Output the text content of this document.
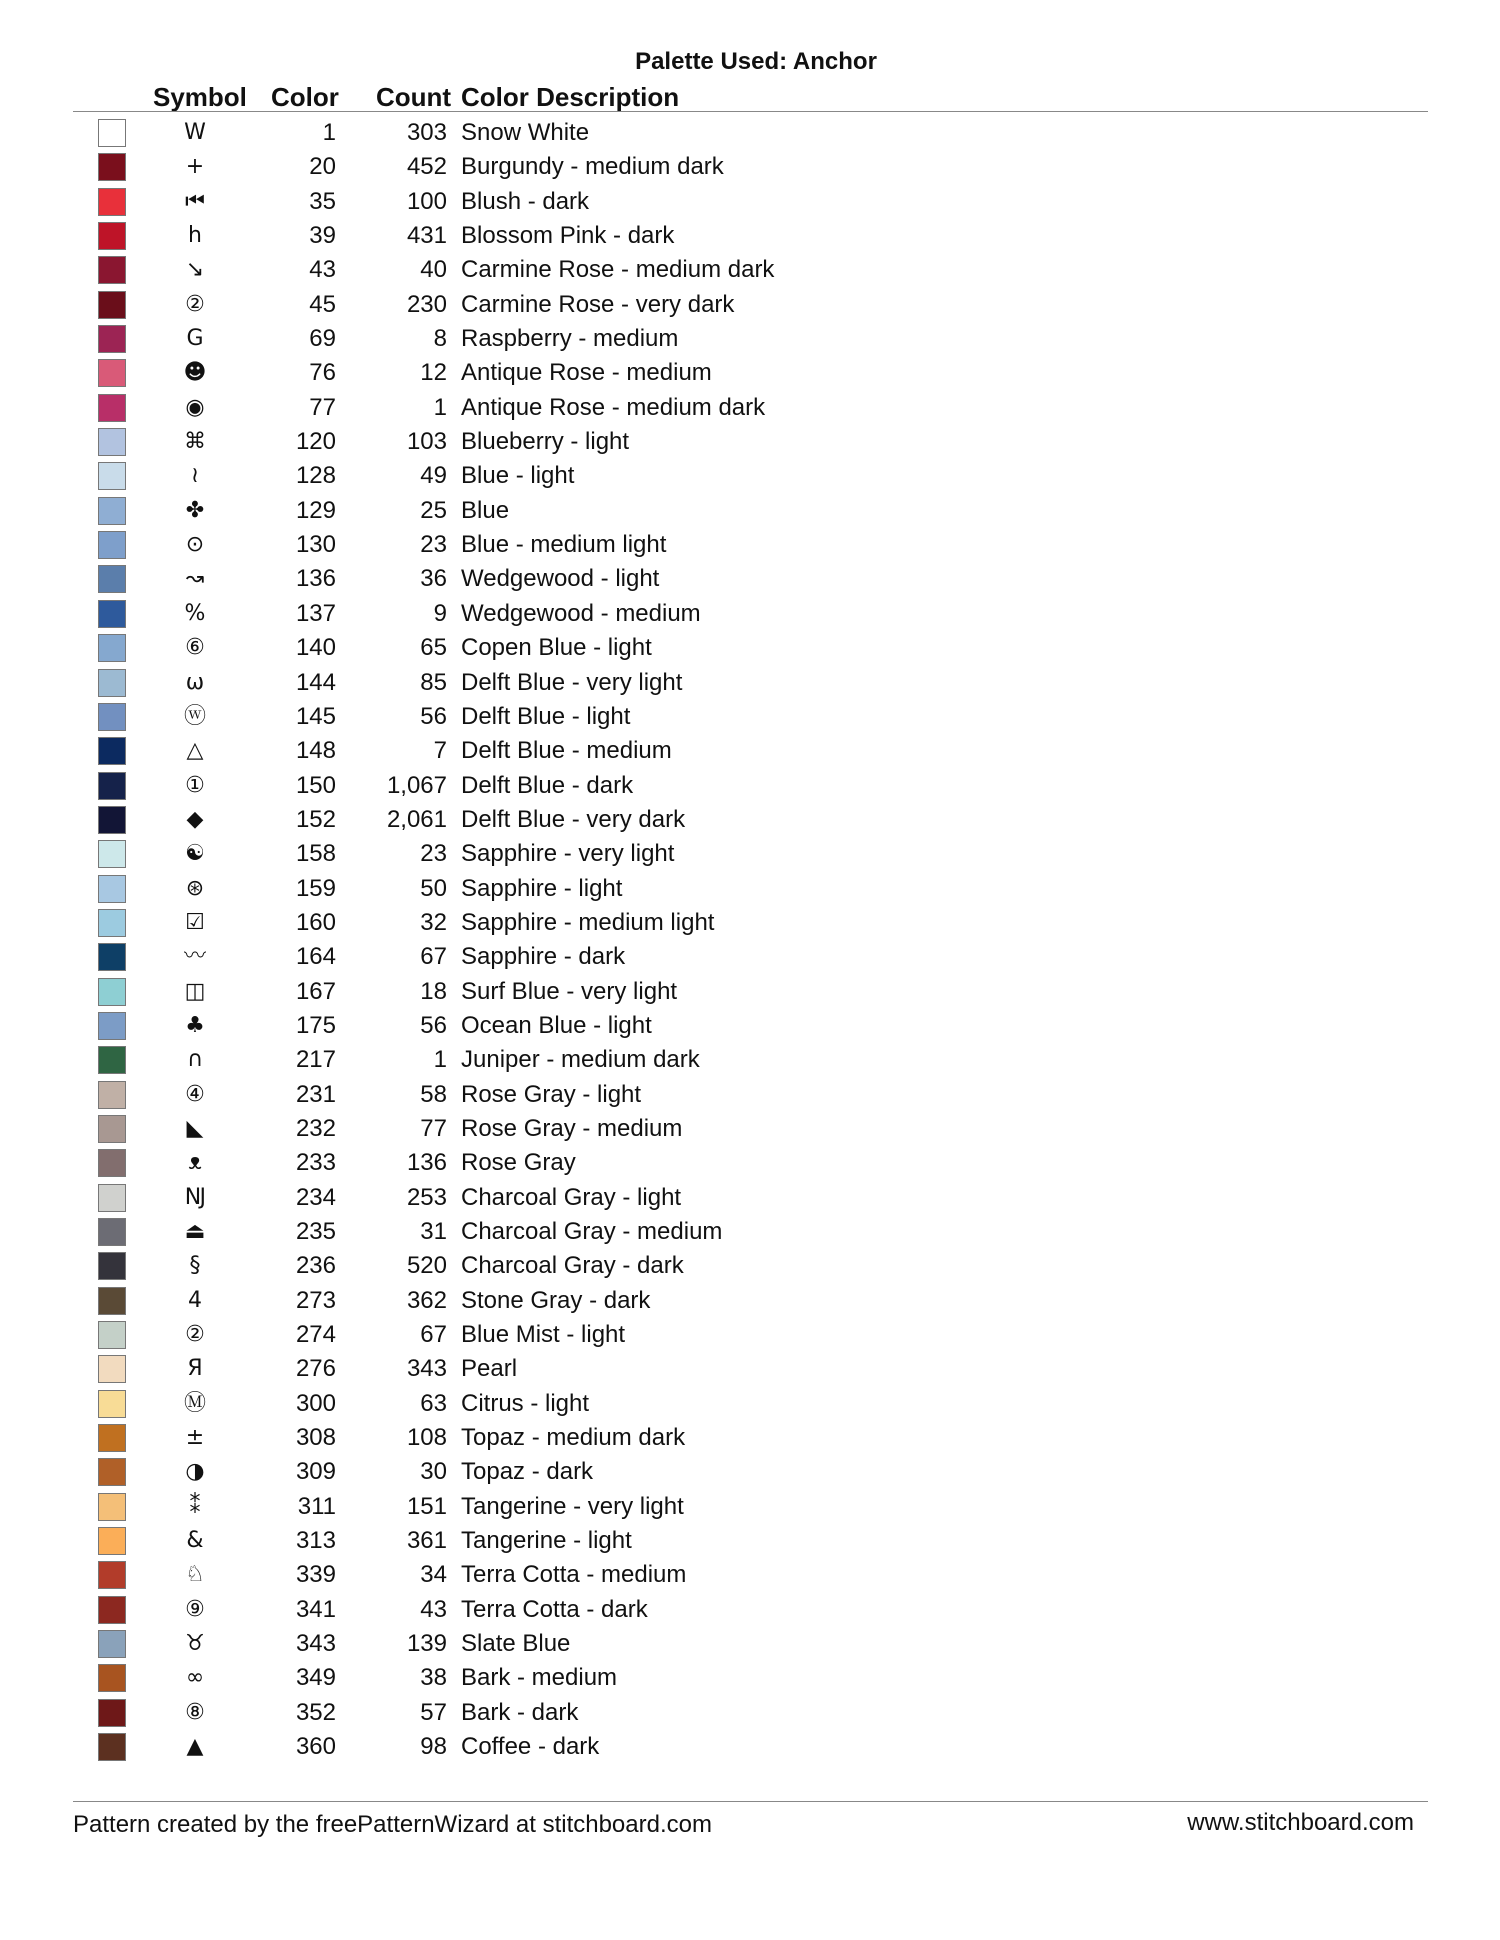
Palette Used: Anchor
Symbol Color Count Color Description
W	1	303 Snow White
+	20	452 Burgundy - medium dark
⏮	35	100 Blush - dark
h	39	431 Blossom Pink - dark
↘	43	40 Carmine Rose - medium dark
②	45	230 Carmine Rose - very dark
G	69	8 Raspberry - medium
☻	76	12 Antique Rose - medium
◉	77	1 Antique Rose - medium dark
⌘	120	103 Blueberry - light
≀	128	49 Blue - light
✤	129	25 Blue
⊙	130	23 Blue - medium light
↝	136	36 Wedgewood - light
%	137	9 Wedgewood - medium
⑥	140	65 Copen Blue - light
ω	144	85 Delft Blue - very light
ⓦ	145	56 Delft Blue - light
△	148	7 Delft Blue - medium
①	150	1,067 Delft Blue - dark
◆	152	2,061 Delft Blue - very dark
☯	158	23 Sapphire - very light
⊛	159	50 Sapphire - light
☑	160	32 Sapphire - medium light
〰	164	67 Sapphire - dark
◫	167	18 Surf Blue - very light
♣	175	56 Ocean Blue - light
∩	217	1 Juniper - medium dark
④	231	58 Rose Gray - light
◣	232	77 Rose Gray - medium
ᴥ	233	136 Rose Gray
Ǌ	234	253 Charcoal Gray - light
⏏	235	31 Charcoal Gray - medium
§	236	520 Charcoal Gray - dark
4	273	362 Stone Gray - dark
②	274	67 Blue Mist - light
Я	276	343 Pearl
Ⓜ	300	63 Citrus - light
±	308	108 Topaz - medium dark
◑	309	30 Topaz - dark
⁑	311	151 Tangerine - very light
&	313	361 Tangerine - light
♘	339	34 Terra Cotta - medium
⑨	341	43 Terra Cotta - dark
♉	343	139 Slate Blue
∞	349	38 Bark - medium
⑧	352	57 Bark - dark
▲	360	98 Coffee - dark
Pattern created by the freePatternWizard at stitchboard.com	www.stitchboard.com
